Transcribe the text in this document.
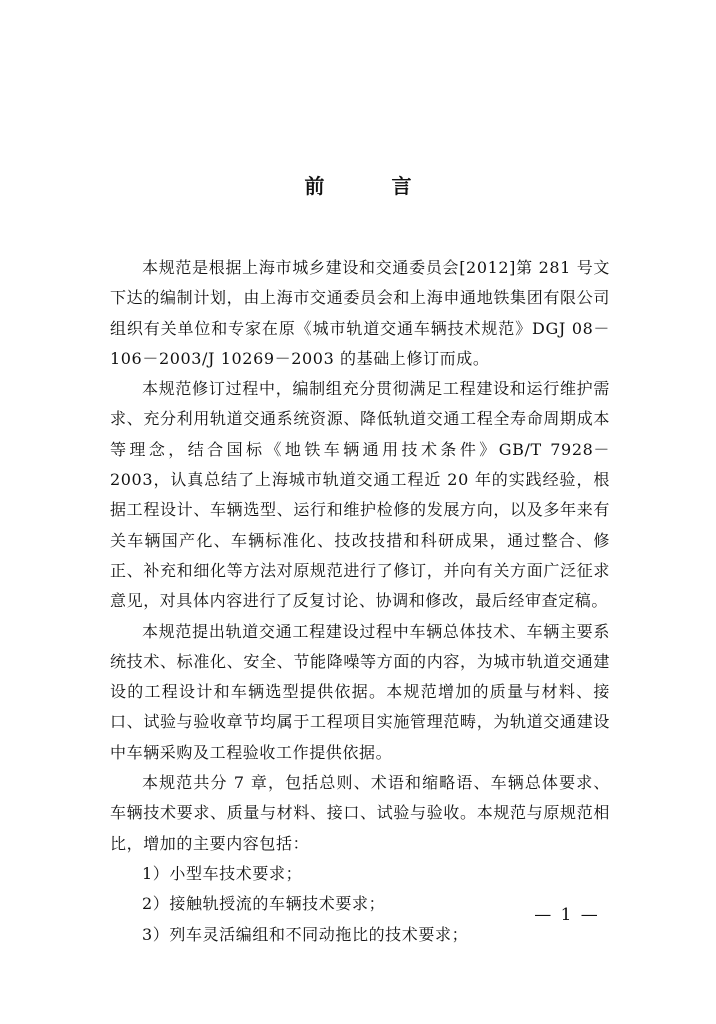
前 言

本规范是根据上海市城乡建设和交通委员会[2012]第 281 号文下达的编制计划，由上海市交通委员会和上海申通地铁集团有限公司组织有关单位和专家在原《城市轨道交通车辆技术规范》DGJ 08－106－2003/J 10269－2003 的基础上修订而成。

本规范修订过程中，编制组充分贯彻满足工程建设和运行维护需求、充分利用轨道交通系统资源、降低轨道交通工程全寿命周期成本等理念，结合国标《地铁车辆通用技术条件》GB/T 7928－2003，认真总结了上海城市轨道交通工程近 20 年的实践经验，根据工程设计、车辆选型、运行和维护检修的发展方向，以及多年来有关车辆国产化、车辆标准化、技改技措和科研成果，通过整合、修正、补充和细化等方法对原规范进行了修订，并向有关方面广泛征求意见，对具体内容进行了反复讨论、协调和修改，最后经审查定稿。

本规范提出轨道交通工程建设过程中车辆总体技术、车辆主要系统技术、标准化、安全、节能降噪等方面的内容，为城市轨道交通建设的工程设计和车辆选型提供依据。本规范增加的质量与材料、接口、试验与验收章节均属于工程项目实施管理范畴，为轨道交通建设中车辆采购及工程验收工作提供依据。

本规范共分 7 章，包括总则、术语和缩略语、车辆总体要求、车辆技术要求、质量与材料、接口、试验与验收。本规范与原规范相比，增加的主要内容包括：

1）小型车技术要求；

2）接触轨授流的车辆技术要求；

3）列车灵活编组和不同动拖比的技术要求；

— 1 —
